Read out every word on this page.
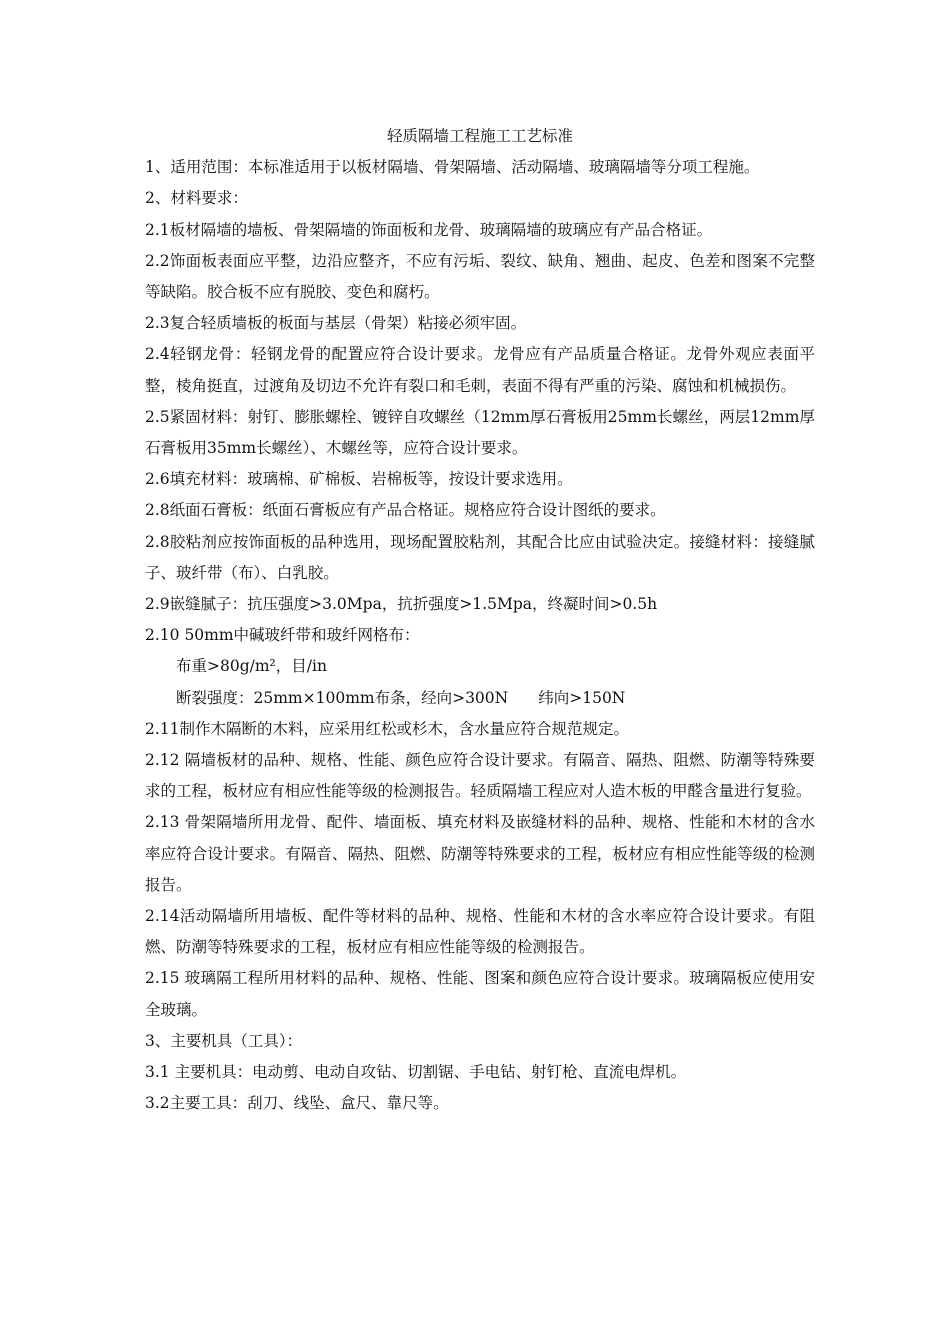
轻质隔墙工程施工工艺标准

1、适用范围：本标准适用于以板材隔墙、骨架隔墙、活动隔墙、玻璃隔墙等分项工程施。

2、材料要求：

2.1板材隔墙的墙板、骨架隔墙的饰面板和龙骨、玻璃隔墙的玻璃应有产品合格证。

2.2饰面板表面应平整，边沿应整齐，不应有污垢、裂纹、缺角、翘曲、起皮、色差和图案不完整等缺陷。胶合板不应有脱胶、变色和腐朽。

2.3复合轻质墙板的板面与基层（骨架）粘接必须牢固。

2.4轻钢龙骨：轻钢龙骨的配置应符合设计要求。龙骨应有产品质量合格证。龙骨外观应表面平整，棱角挺直，过渡角及切边不允许有裂口和毛刺，表面不得有严重的污染、腐蚀和机械损伤。

2.5紧固材料：射钉、膨胀螺栓、镀锌自攻螺丝（12mm厚石膏板用25mm长螺丝，两层12mm厚石膏板用35mm长螺丝）、木螺丝等，应符合设计要求。

2.6填充材料：玻璃棉、矿棉板、岩棉板等，按设计要求选用。

2.8纸面石膏板：纸面石膏板应有产品合格证。规格应符合设计图纸的要求。

2.8胶粘剂应按饰面板的品种选用，现场配置胶粘剂，其配合比应由试验决定。接缝材料：接缝腻子、玻纤带（布）、白乳胶。

2.9嵌缝腻子：抗压强度>3.0Mpa，抗折强度>1.5Mpa，终凝时间>0.5h

2.10 50mm中碱玻纤带和玻纤网格布：

布重>80g/m²，目/in

断裂强度：25mm×100mm布条，经向>300N 纬向>150N

2.11制作木隔断的木料，应采用红松或杉木，含水量应符合规范规定。

2.12 隔墙板材的品种、规格、性能、颜色应符合设计要求。有隔音、隔热、阻燃、防潮等特殊要求的工程，板材应有相应性能等级的检测报告。轻质隔墙工程应对人造木板的甲醛含量进行复验。

2.13 骨架隔墙所用龙骨、配件、墙面板、填充材料及嵌缝材料的品种、规格、性能和木材的含水率应符合设计要求。有隔音、隔热、阻燃、防潮等特殊要求的工程，板材应有相应性能等级的检测报告。

2.14活动隔墙所用墙板、配件等材料的品种、规格、性能和木材的含水率应符合设计要求。有阻燃、防潮等特殊要求的工程，板材应有相应性能等级的检测报告。

2.15 玻璃隔工程所用材料的品种、规格、性能、图案和颜色应符合设计要求。玻璃隔板应使用安全玻璃。

3、主要机具（工具）：

3.1 主要机具：电动剪、电动自攻钻、切割锯、手电钻、射钉枪、直流电焊机。

3.2主要工具：刮刀、线坠、盒尺、靠尺等。
